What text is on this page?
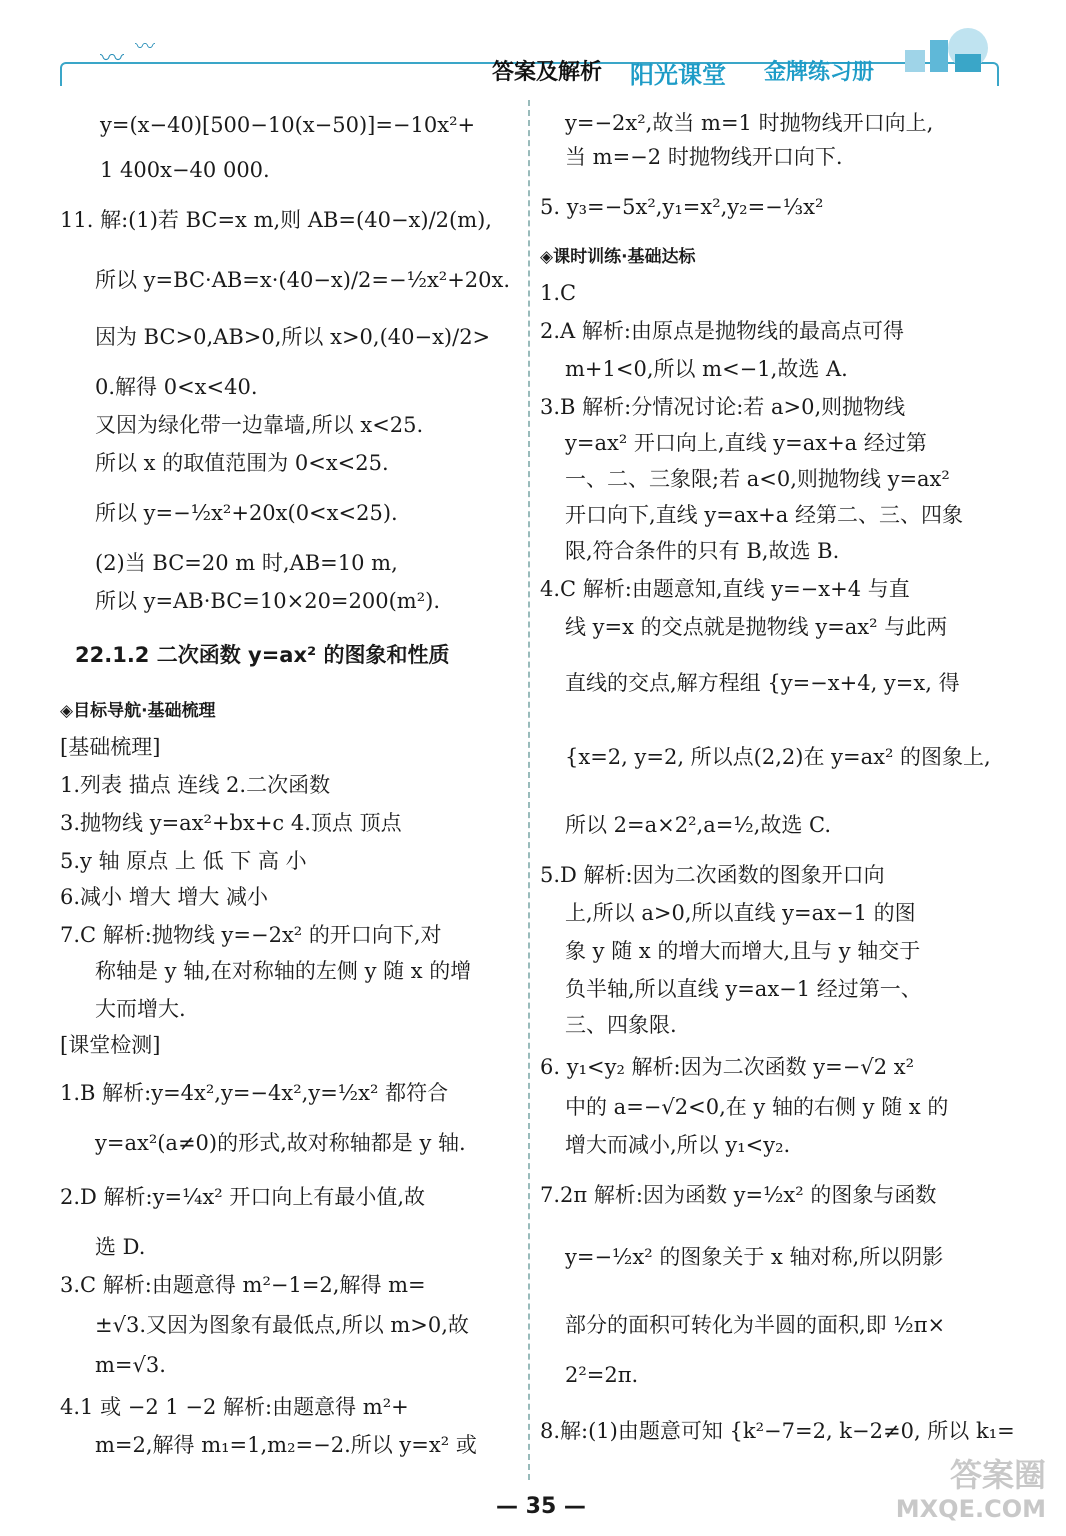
〰 〰
答案及解析 阳光课堂 金牌练习册
y=(x−40)[500−10(x−50)]=−10x²+
1 400x−40 000.
11. 解:(1)若 BC=x m,则 AB=(40−x)/2(m),
所以 y=BC·AB=x·(40−x)/2=−½x²+20x.
因为 BC>0,AB>0,所以 x>0,(40−x)/2>
0.解得 0<x<40.
又因为绿化带一边靠墙,所以 x<25.
所以 x 的取值范围为 0<x<25.
所以 y=−½x²+20x(0<x<25).
(2)当 BC=20 m 时,AB=10 m,
所以 y=AB·BC=10×20=200(m²).
22.1.2 二次函数 y=ax² 的图象和性质
◈目标导航·基础梳理
[基础梳理]
1.列表 描点 连线 2.二次函数
3.抛物线 y=ax²+bx+c 4.顶点 顶点
5.y 轴 原点 上 低 下 高 小
6.减小 增大 增大 减小
7.C 解析:抛物线 y=−2x² 的开口向下,对
称轴是 y 轴,在对称轴的左侧 y 随 x 的增
大而增大.
[课堂检测]
1.B 解析:y=4x²,y=−4x²,y=½x² 都符合
y=ax²(a≠0)的形式,故对称轴都是 y 轴.
2.D 解析:y=¼x² 开口向上有最小值,故
选 D.
3.C 解析:由题意得 m²−1=2,解得 m=
±√3.又因为图象有最低点,所以 m>0,故
m=√3.
4.1 或 −2 1 −2 解析:由题意得 m²+
m=2,解得 m₁=1,m₂=−2.所以 y=x² 或
y=−2x²,故当 m=1 时抛物线开口向上,
当 m=−2 时抛物线开口向下.
5. y₃=−5x²,y₁=x²,y₂=−⅓x²
◈课时训练·基础达标
1.C
2.A 解析:由原点是抛物线的最高点可得
m+1<0,所以 m<−1,故选 A.
3.B 解析:分情况讨论:若 a>0,则抛物线
y=ax² 开口向上,直线 y=ax+a 经过第
一、二、三象限;若 a<0,则抛物线 y=ax²
开口向下,直线 y=ax+a 经第二、三、四象
限,符合条件的只有 B,故选 B.
4.C 解析:由题意知,直线 y=−x+4 与直
线 y=x 的交点就是抛物线 y=ax² 与此两
直线的交点,解方程组 {y=−x+4, y=x, 得
{x=2, y=2, 所以点(2,2)在 y=ax² 的图象上,
所以 2=a×2²,a=½,故选 C.
5.D 解析:因为二次函数的图象开口向
上,所以 a>0,所以直线 y=ax−1 的图
象 y 随 x 的增大而增大,且与 y 轴交于
负半轴,所以直线 y=ax−1 经过第一、
三、四象限.
6. y₁<y₂ 解析:因为二次函数 y=−√2 x²
中的 a=−√2<0,在 y 轴的右侧 y 随 x 的
增大而减小,所以 y₁<y₂.
7.2π 解析:因为函数 y=½x² 的图象与函数
y=−½x² 的图象关于 x 轴对称,所以阴影
部分的面积可转化为半圆的面积,即 ½π×
2²=2π.
8.解:(1)由题意可知 {k²−7=2, k−2≠0, 所以 k₁=
— 35 —
答案圈
MXQE.COM
